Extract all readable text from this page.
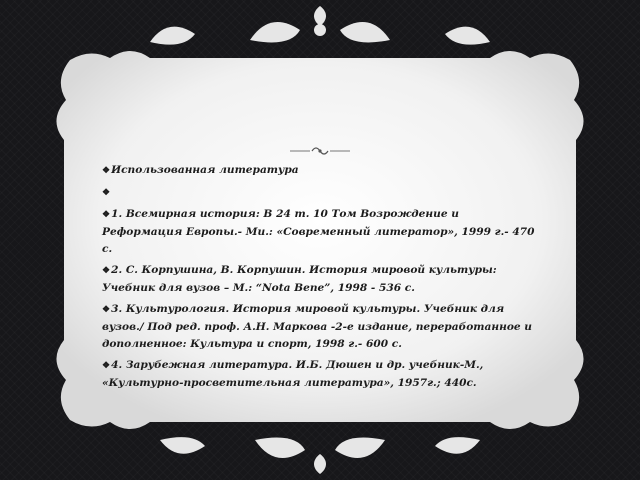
❖Использованная литература
❖
❖1. Всемирная история: В 24 т. 10 Том Возрождение и Реформация Европы.- Ми.: «Современный литератор», 1999 г.- 470 с.
❖2. С. Корпушина, В. Корпушин. История мировой культуры: Учебник для вузов – М.: “Nota Bene”, 1998 - 536 с.
❖3. Культурология. История мировой культуры. Учебник для вузов./ Под ред. проф. А.Н. Маркова -2-е издание, переработанное и дополненное: Культура и спорт, 1998 г.- 600 с.
❖4. Зарубежная литература. И.Б. Дюшен и др. учебник-М., «Культурно-просветительная литература», 1957г.; 440с.
